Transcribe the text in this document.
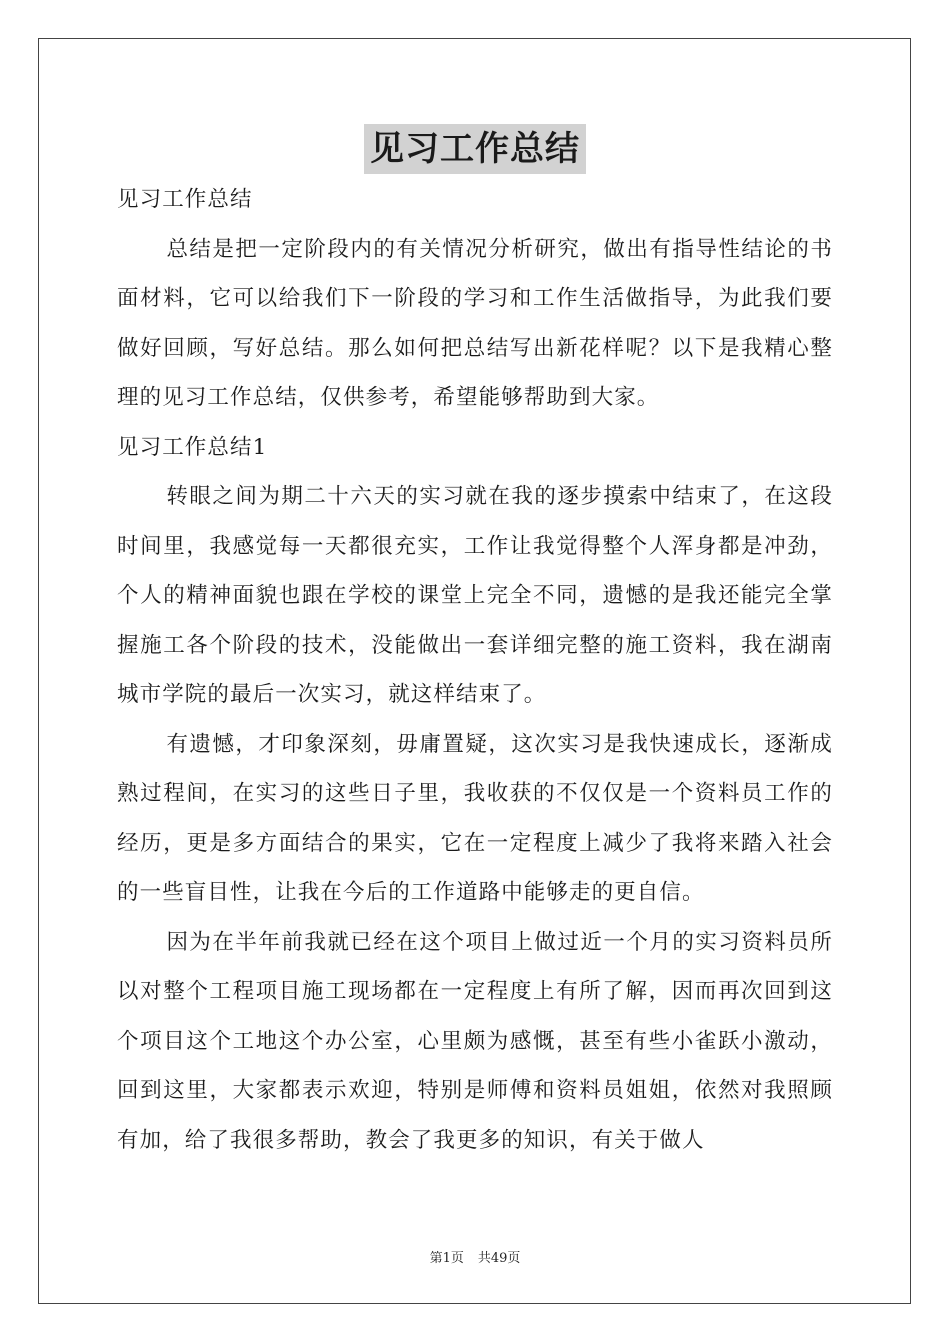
见习工作总结

见习工作总结

总结是把一定阶段内的有关情况分析研究，做出有指导性结论的书面材料，它可以给我们下一阶段的学习和工作生活做指导，为此我们要做好回顾，写好总结。那么如何把总结写出新花样呢？以下是我精心整理的见习工作总结，仅供参考，希望能够帮助到大家。

见习工作总结1

转眼之间为期二十六天的实习就在我的逐步摸索中结束了，在这段时间里，我感觉每一天都很充实，工作让我觉得整个人浑身都是冲劲，个人的精神面貌也跟在学校的课堂上完全不同，遗憾的是我还能完全掌握施工各个阶段的技术，没能做出一套详细完整的施工资料，我在湖南城市学院的最后一次实习，就这样结束了。

有遗憾，才印象深刻，毋庸置疑，这次实习是我快速成长，逐渐成熟过程间，在实习的这些日子里，我收获的不仅仅是一个资料员工作的经历，更是多方面结合的果实，它在一定程度上减少了我将来踏入社会的一些盲目性，让我在今后的工作道路中能够走的更自信。

因为在半年前我就已经在这个项目上做过近一个月的实习资料员所以对整个工程项目施工现场都在一定程度上有所了解，因而再次回到这个项目这个工地这个办公室，心里颇为感慨，甚至有些小雀跃小激动，回到这里，大家都表示欢迎，特别是师傅和资料员姐姐，依然对我照顾有加，给了我很多帮助，教会了我更多的知识，有关于做人

第1页 共49页
